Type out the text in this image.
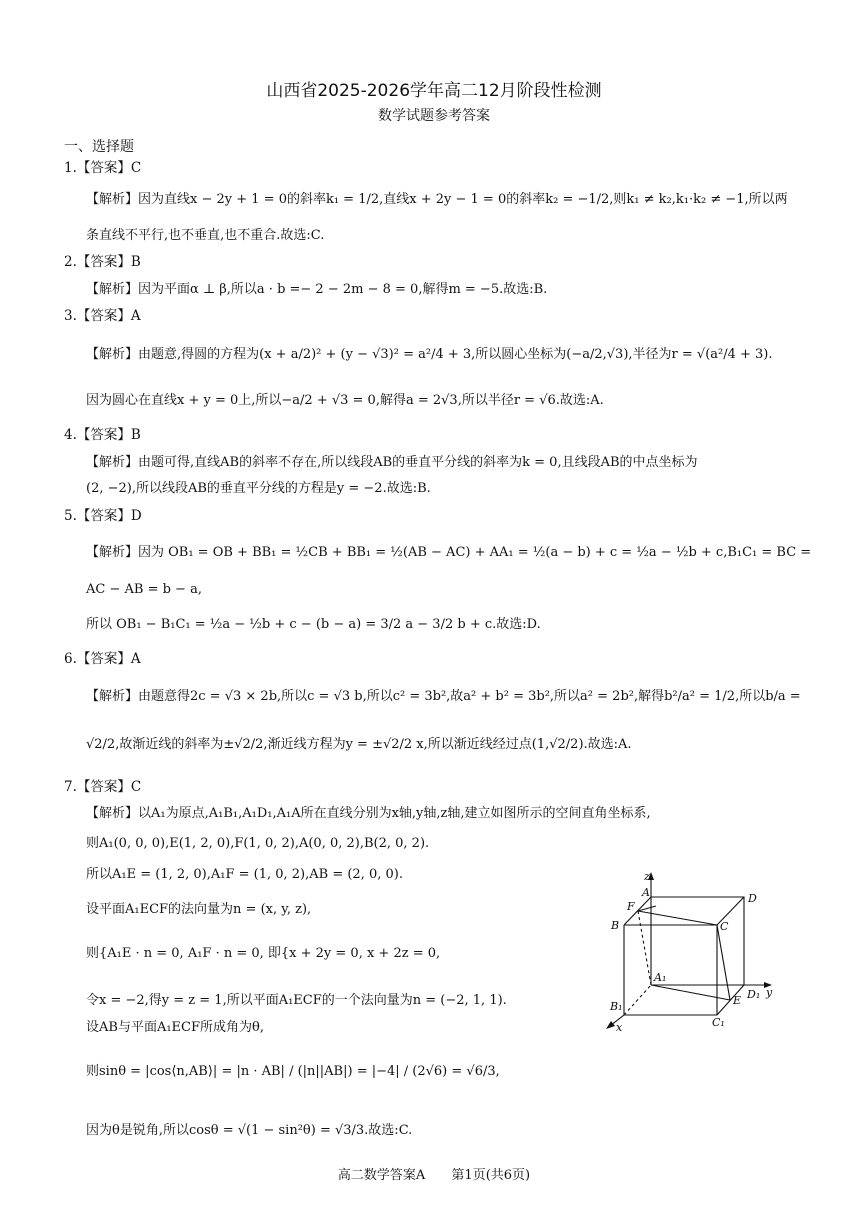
山西省2025-2026学年高二12月阶段性检测
数学试题参考答案
一、选择题
1.【答案】C
【解析】因为直线x − 2y + 1 = 0的斜率k₁ = 1/2,直线x + 2y − 1 = 0的斜率k₂ = −1/2,则k₁ ≠ k₂,k₁·k₂ ≠ −1,所以两
条直线不平行,也不垂直,也不重合.故选:C.
2.【答案】B
【解析】因为平面α ⊥ β,所以a · b =− 2 − 2m − 8 = 0,解得m = −5.故选:B.
3.【答案】A
【解析】由题意,得圆的方程为(x + a/2)² + (y − √3)² = a²/4 + 3,所以圆心坐标为(−a/2,√3),半径为r = √(a²/4 + 3).
因为圆心在直线x + y = 0上,所以−a/2 + √3 = 0,解得a = 2√3,所以半径r = √6.故选:A.
4.【答案】B
【解析】由题可得,直线AB的斜率不存在,所以线段AB的垂直平分线的斜率为k = 0,且线段AB的中点坐标为
(2, −2),所以线段AB的垂直平分线的方程是y = −2.故选:B.
5.【答案】D
【解析】因为 OB₁ = OB + BB₁ = ½CB + BB₁ = ½(AB − AC) + AA₁ = ½(a − b) + c = ½a − ½b + c,B₁C₁ = BC =
AC − AB = b − a,
所以 OB₁ − B₁C₁ = ½a − ½b + c − (b − a) = 3/2 a − 3/2 b + c.故选:D.
6.【答案】A
【解析】由题意得2c = √3 × 2b,所以c = √3 b,所以c² = 3b²,故a² + b² = 3b²,所以a² = 2b²,解得b²/a² = 1/2,所以b/a =
√2/2,故渐近线的斜率为±√2/2,渐近线方程为y = ±√2/2 x,所以渐近线经过点(1,√2/2).故选:A.
7.【答案】C
【解析】以A₁为原点,A₁B₁,A₁D₁,A₁A所在直线分别为x轴,y轴,z轴,建立如图所示的空间直角坐标系,
则A₁(0, 0, 0),E(1, 2, 0),F(1, 0, 2),A(0, 0, 2),B(2, 0, 2).
所以A₁E = (1, 2, 0),A₁F = (1, 0, 2),AB = (2, 0, 0).
设平面A₁ECF的法向量为n = (x, y, z),
则{A₁E · n = 0, A₁F · n = 0, 即{x + 2y = 0, x + 2z = 0,
令x = −2,得y = z = 1,所以平面A₁ECF的一个法向量为n = (−2, 1, 1).
设AB与平面A₁ECF所成角为θ,
则sinθ = |cos⟨n,AB⟩| = |n · AB| / (|n||AB|) = |−4| / (2√6) = √6/3,
因为θ是锐角,所以cosθ = √(1 − sin²θ) = √3/3.故选:C.
z
A	D
F
B	C
A₁
D₁ y
B₁	E
C₁
x
高二数学答案A 第1页(共6页)
